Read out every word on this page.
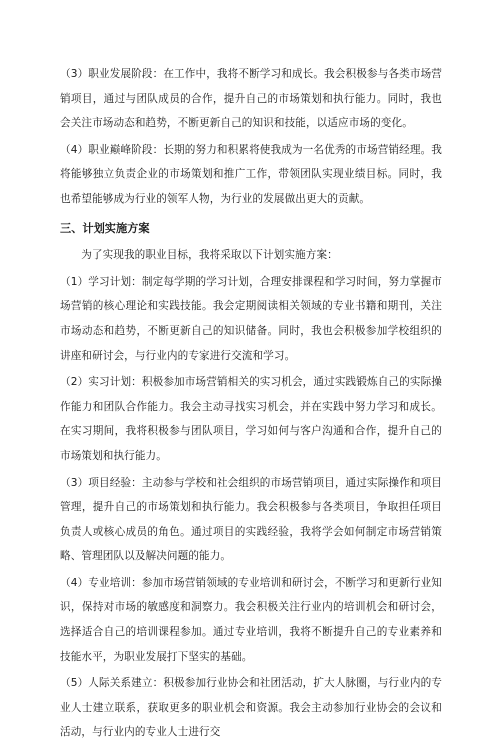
（3）职业发展阶段：在工作中，我将不断学习和成长。我会积极参与各类市场营销项目，通过与团队成员的合作，提升自己的市场策划和执行能力。同时，我也会关注市场动态和趋势，不断更新自己的知识和技能，以适应市场的变化。

（4）职业巅峰阶段：长期的努力和积累将使我成为一名优秀的市场营销经理。我将能够独立负责企业的市场策划和推广工作，带领团队实现业绩目标。同时，我也希望能够成为行业的领军人物，为行业的发展做出更大的贡献。

三、计划实施方案

为了实现我的职业目标，我将采取以下计划实施方案：

（1）学习计划：制定每学期的学习计划，合理安排课程和学习时间，努力掌握市场营销的核心理论和实践技能。我会定期阅读相关领域的专业书籍和期刊，关注市场动态和趋势，不断更新自己的知识储备。同时，我也会积极参加学校组织的讲座和研讨会，与行业内的专家进行交流和学习。

（2）实习计划：积极参加市场营销相关的实习机会，通过实践锻炼自己的实际操作能力和团队合作能力。我会主动寻找实习机会，并在实践中努力学习和成长。在实习期间，我将积极参与团队项目，学习如何与客户沟通和合作，提升自己的市场策划和执行能力。

（3）项目经验：主动参与学校和社会组织的市场营销项目，通过实际操作和项目管理，提升自己的市场策划和执行能力。我会积极参与各类项目，争取担任项目负责人或核心成员的角色。通过项目的实践经验，我将学会如何制定市场营销策略、管理团队以及解决问题的能力。

（4）专业培训：参加市场营销领域的专业培训和研讨会，不断学习和更新行业知识，保持对市场的敏感度和洞察力。我会积极关注行业内的培训机会和研讨会，选择适合自己的培训课程参加。通过专业培训，我将不断提升自己的专业素养和技能水平，为职业发展打下坚实的基础。

（5）人际关系建立：积极参加行业协会和社团活动，扩大人脉圈，与行业内的专业人士建立联系，获取更多的职业机会和资源。我会主动参加行业协会的会议和活动，与行业内的专业人士进行交
